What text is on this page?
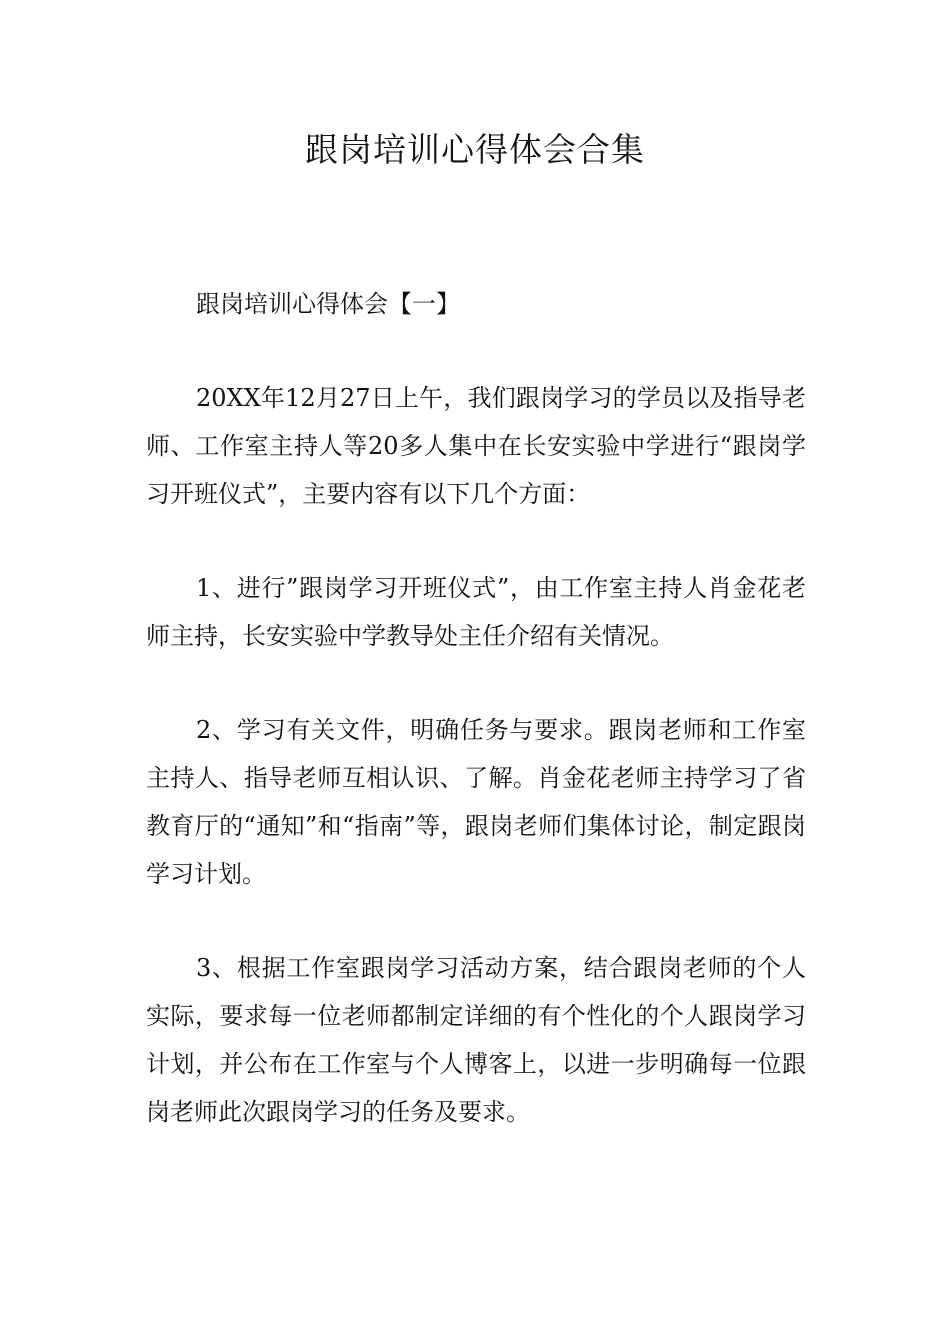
跟岗培训心得体会合集

跟岗培训心得体会【一】

20XX年12月27日上午，我们跟岗学习的学员以及指导老师、工作室主持人等20多人集中在长安实验中学进行“跟岗学习开班仪式”，主要内容有以下几个方面：

1、进行”跟岗学习开班仪式”，由工作室主持人肖金花老师主持，长安实验中学教导处主任介绍有关情况。

2、学习有关文件，明确任务与要求。跟岗老师和工作室主持人、指导老师互相认识、了解。肖金花老师主持学习了省教育厅的“通知”和“指南”等，跟岗老师们集体讨论，制定跟岗学习计划。

3、根据工作室跟岗学习活动方案，结合跟岗老师的个人实际，要求每一位老师都制定详细的有个性化的个人跟岗学习计划，并公布在工作室与个人博客上，以进一步明确每一位跟岗老师此次跟岗学习的任务及要求。
